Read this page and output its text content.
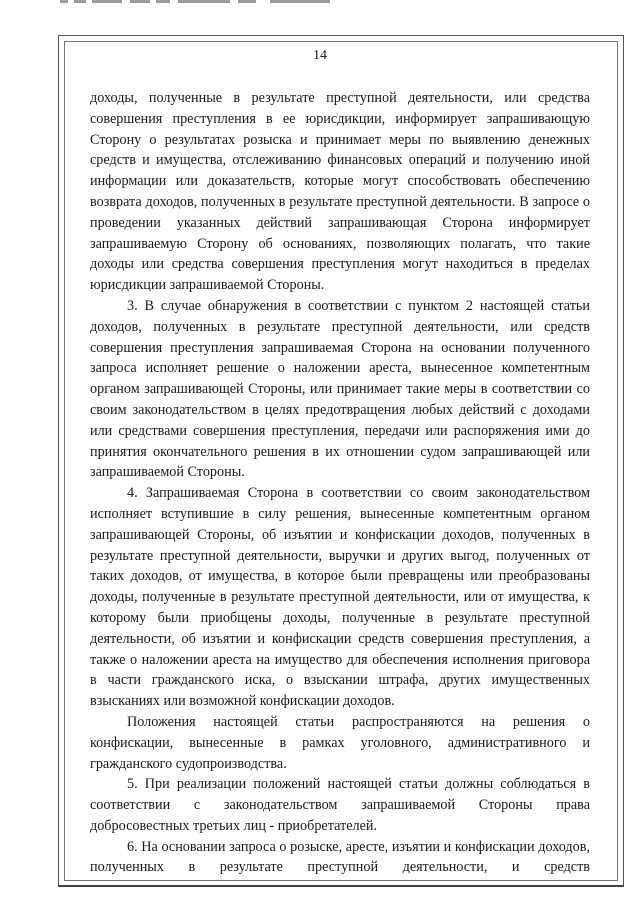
14

доходы, полученные в результате преступной деятельности, или средства совершения преступления в ее юрисдикции, информирует запрашивающую Сторону о результатах розыска и принимает меры по выявлению денежных средств и имущества, отслеживанию финансовых операций и получению иной информации или доказательств, которые могут способствовать обеспечению возврата доходов, полученных в результате преступной деятельности. В запросе о проведении указанных действий запрашивающая Сторона информирует запрашиваемую Сторону об основаниях, позволяющих полагать, что такие доходы или средства совершения преступления могут находиться в пределах юрисдикции запрашиваемой Стороны.

3. В случае обнаружения в соответствии с пунктом 2 настоящей статьи доходов, полученных в результате преступной деятельности, или средств совершения преступления запрашиваемая Сторона на основании полученного запроса исполняет решение о наложении ареста, вынесенное компетентным органом запрашивающей Стороны, или принимает такие меры в соответствии со своим законодательством в целях предотвращения любых действий с доходами или средствами совершения преступления, передачи или распоряжения ими до принятия окончательного решения в их отношении судом запрашивающей или запрашиваемой Стороны.

4. Запрашиваемая Сторона в соответствии со своим законодательством исполняет вступившие в силу решения, вынесенные компетентным органом запрашивающей Стороны, об изъятии и конфискации доходов, полученных в результате преступной деятельности, выручки и других выгод, полученных от таких доходов, от имущества, в которое были превращены или преобразованы доходы, полученные в результате преступной деятельности, или от имущества, к которому были приобщены доходы, полученные в результате преступной деятельности, об изъятии и конфискации средств совершения преступления, а также о наложении ареста на имущество для обеспечения исполнения приговора в части гражданского иска, о взыскании штрафа, других имущественных взысканиях или возможной конфискации доходов.

Положения настоящей статьи распространяются на решения о конфискации, вынесенные в рамках уголовного, административного и гражданского судопроизводства.

5. При реализации положений настоящей статьи должны соблюдаться в соответствии с законодательством запрашиваемой Стороны права добросовестных третьих лиц - приобретателей.

6. На основании запроса о розыске, аресте, изъятии и конфискации доходов, полученных в результате преступной деятельности, и средств
